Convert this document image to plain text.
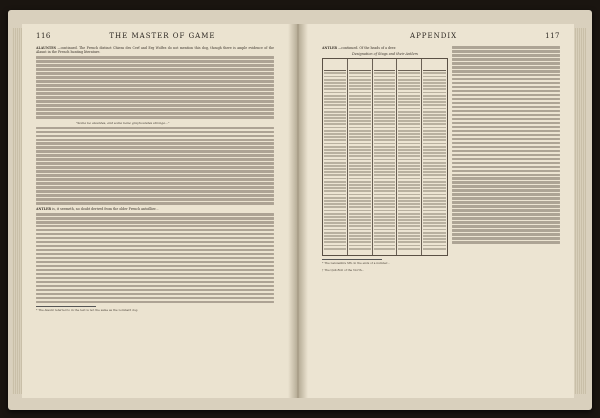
116	THE MASTER OF GAME

ALAUNTES —continued. The French distinct Chiens des Cerf and Erg Wolfes do not mention this dog, though there is ample evidence of the Alaunt in the French hunting literature.

"Some be alauntes, and some bene greyhoundes stronge..."

ANTLER is, it seemeth, no doubt derived from the older French antoillier...

* The Alaunt referred to in the text is not the same as the Lombard dog.

APPENDIX	117

ANTLER —continued. Of the heads of a deer.

Designation of Stags and their Antlers

* The Lancashire MS. in the ends of a number...

† The Quit-Roll of the North...
